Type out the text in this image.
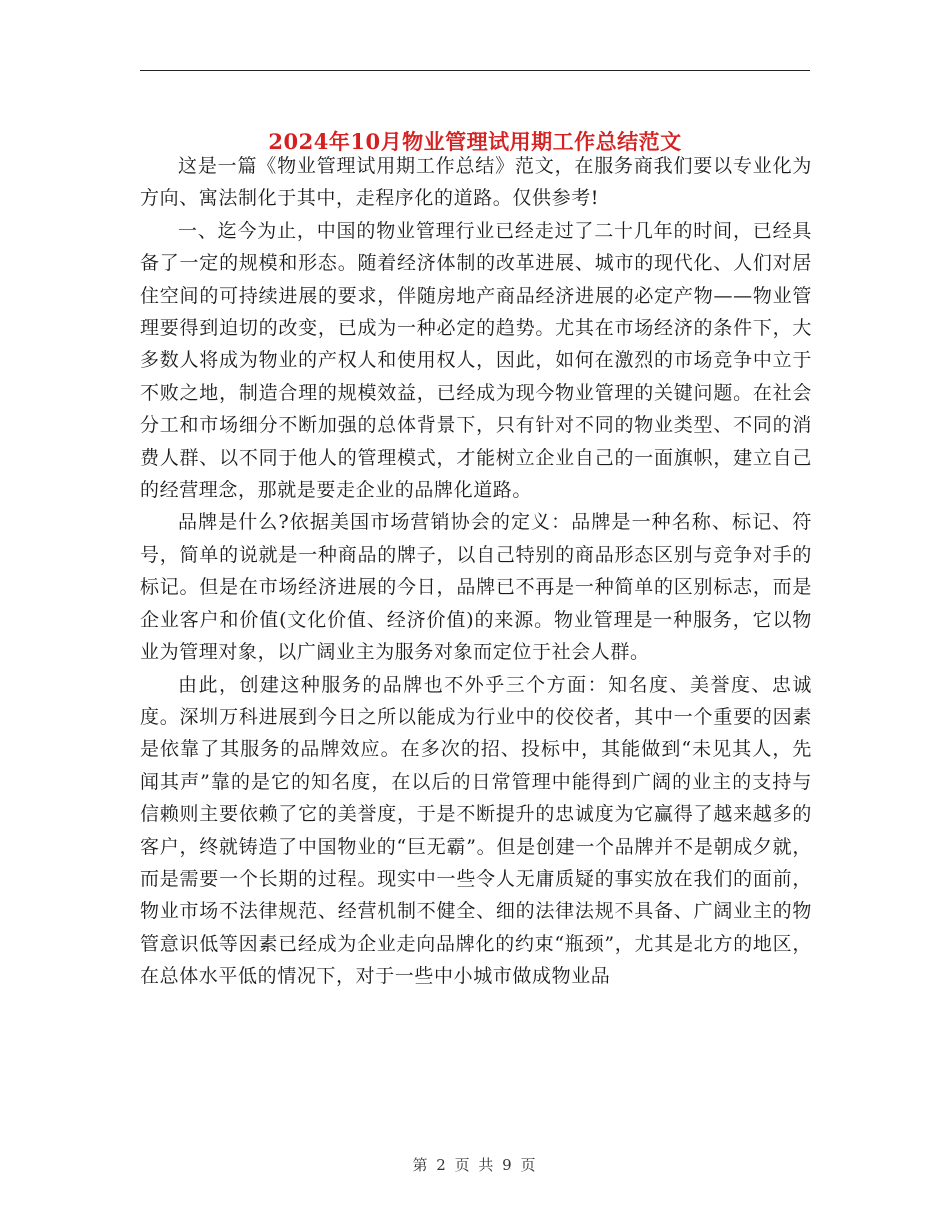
2024年10月物业管理试用期工作总结范文

这是一篇《物业管理试用期工作总结》范文，在服务商我们要以专业化为方向、寓法制化于其中，走程序化的道路。仅供参考!

一、迄今为止，中国的物业管理行业已经走过了二十几年的时间，已经具备了一定的规模和形态。随着经济体制的改革进展、城市的现代化、人们对居住空间的可持续进展的要求，伴随房地产商品经济进展的必定产物——物业管理要得到迫切的改变，已成为一种必定的趋势。尤其在市场经济的条件下，大多数人将成为物业的产权人和使用权人，因此，如何在激烈的市场竞争中立于不败之地，制造合理的规模效益，已经成为现今物业管理的关键问题。在社会分工和市场细分不断加强的总体背景下，只有针对不同的物业类型、不同的消费人群、以不同于他人的管理模式，才能树立企业自己的一面旗帜，建立自己的经营理念，那就是要走企业的品牌化道路。

品牌是什么?依据美国市场营销协会的定义：品牌是一种名称、标记、符号，简单的说就是一种商品的牌子，以自己特别的商品形态区别与竞争对手的标记。但是在市场经济进展的今日，品牌已不再是一种简单的区别标志，而是企业客户和价值(文化价值、经济价值)的来源。物业管理是一种服务，它以物业为管理对象，以广阔业主为服务对象而定位于社会人群。

由此，创建这种服务的品牌也不外乎三个方面：知名度、美誉度、忠诚度。深圳万科进展到今日之所以能成为行业中的佼佼者，其中一个重要的因素是依靠了其服务的品牌效应。在多次的招、投标中，其能做到“未见其人，先闻其声”靠的是它的知名度，在以后的日常管理中能得到广阔的业主的支持与信赖则主要依赖了它的美誉度，于是不断提升的忠诚度为它赢得了越来越多的客户，终就铸造了中国物业的“巨无霸”。但是创建一个品牌并不是朝成夕就，而是需要一个长期的过程。现实中一些令人无庸质疑的事实放在我们的面前，物业市场不法律规范、经营机制不健全、细的法律法规不具备、广阔业主的物管意识低等因素已经成为企业走向品牌化的约束“瓶颈”，尤其是北方的地区，在总体水平低的情况下，对于一些中小城市做成物业品

第 2 页 共 9 页
